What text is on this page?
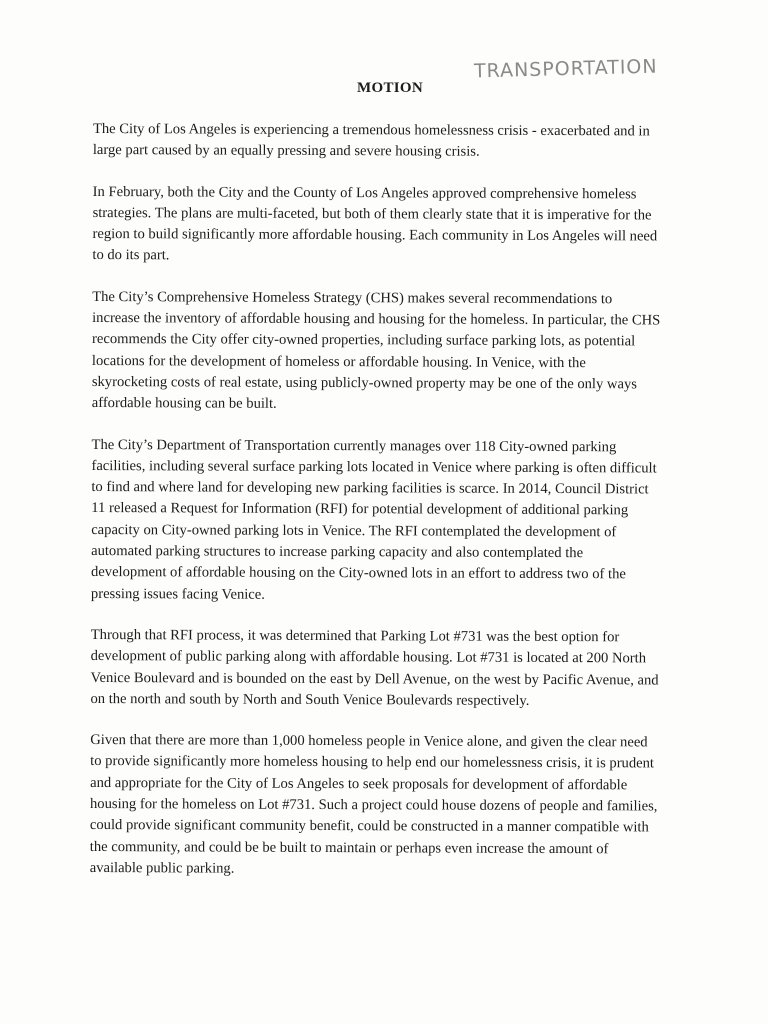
TRANSPORTATION
MOTION

The City of Los Angeles is experiencing a tremendous homelessness crisis - exacerbated and in large part caused by an equally pressing and severe housing crisis.

In February, both the City and the County of Los Angeles approved comprehensive homeless strategies. The plans are multi-faceted, but both of them clearly state that it is imperative for the region to build significantly more affordable housing. Each community in Los Angeles will need to do its part.

The City’s Comprehensive Homeless Strategy (CHS) makes several recommendations to increase the inventory of affordable housing and housing for the homeless. In particular, the CHS recommends the City offer city-owned properties, including surface parking lots, as potential locations for the development of homeless or affordable housing. In Venice, with the skyrocketing costs of real estate, using publicly-owned property may be one of the only ways affordable housing can be built.

The City’s Department of Transportation currently manages over 118 City-owned parking facilities, including several surface parking lots located in Venice where parking is often difficult to find and where land for developing new parking facilities is scarce. In 2014, Council District 11 released a Request for Information (RFI) for potential development of additional parking capacity on City-owned parking lots in Venice. The RFI contemplated the development of automated parking structures to increase parking capacity and also contemplated the development of affordable housing on the City-owned lots in an effort to address two of the pressing issues facing Venice.

Through that RFI process, it was determined that Parking Lot #731 was the best option for development of public parking along with affordable housing. Lot #731 is located at 200 North Venice Boulevard and is bounded on the east by Dell Avenue, on the west by Pacific Avenue, and on the north and south by North and South Venice Boulevards respectively.

Given that there are more than 1,000 homeless people in Venice alone, and given the clear need to provide significantly more homeless housing to help end our homelessness crisis, it is prudent and appropriate for the City of Los Angeles to seek proposals for development of affordable housing for the homeless on Lot #731. Such a project could house dozens of people and families, could provide significant community benefit, could be constructed in a manner compatible with the community, and could be be built to maintain or perhaps even increase the amount of available public parking.
